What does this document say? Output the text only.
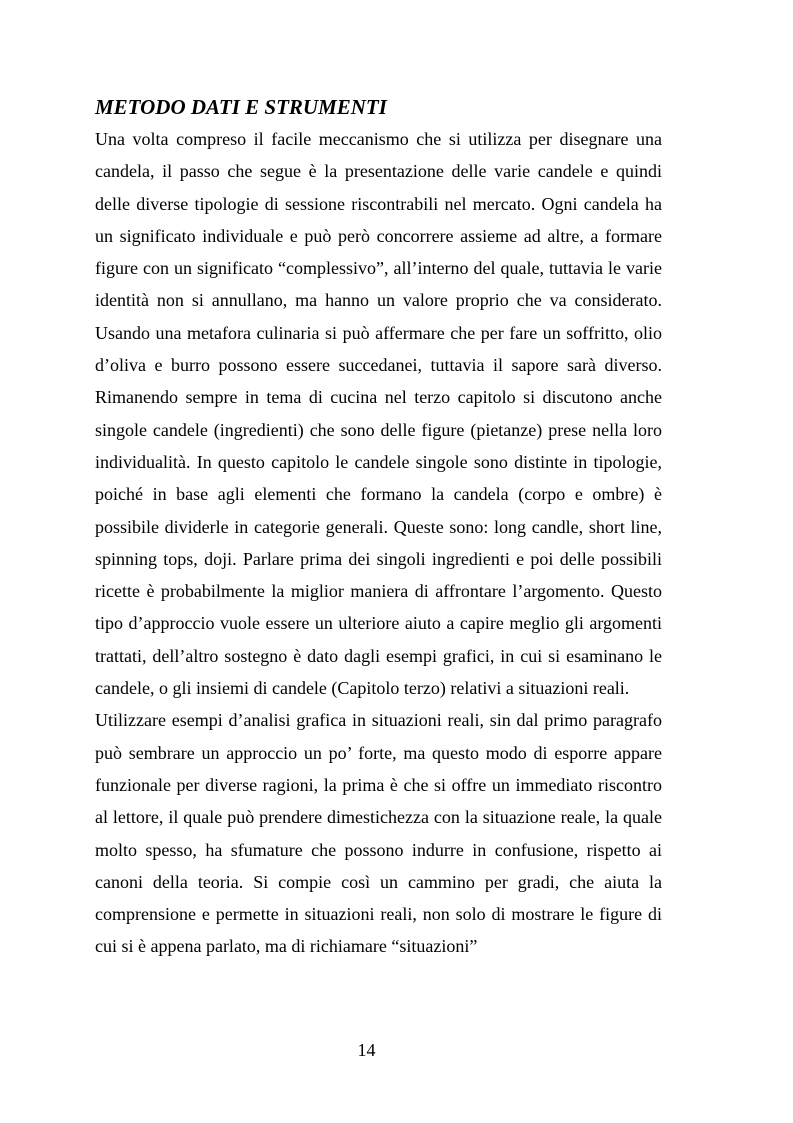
METODO DATI E STRUMENTI

Una volta compreso il facile meccanismo che si utilizza per disegnare una candela, il passo che segue è la presentazione delle varie candele e quindi delle diverse tipologie di sessione riscontrabili nel mercato. Ogni candela ha un significato individuale e può però concorrere assieme ad altre, a formare figure con un significato “complessivo”, all’interno del quale, tuttavia le varie identità non si annullano, ma hanno un valore proprio che va considerato. Usando una metafora culinaria si può affermare che per fare un soffritto, olio d’oliva e burro possono essere succedanei, tuttavia il sapore sarà diverso. Rimanendo sempre in tema di cucina nel terzo capitolo si discutono anche singole candele (ingredienti) che sono delle figure (pietanze) prese nella loro individualità. In questo capitolo le candele singole sono distinte in tipologie, poiché in base agli elementi che formano la candela (corpo e ombre) è possibile dividerle in categorie generali. Queste sono: long candle, short line, spinning tops, doji. Parlare prima dei singoli ingredienti e poi delle possibili ricette è probabilmente la miglior maniera di affrontare l’argomento. Questo tipo d’approccio vuole essere un ulteriore aiuto a capire meglio gli argomenti trattati, dell’altro sostegno è dato dagli esempi grafici, in cui si esaminano le candele, o gli insiemi di candele (Capitolo terzo) relativi a situazioni reali.

Utilizzare esempi d’analisi grafica in situazioni reali, sin dal primo paragrafo può sembrare un approccio un po’ forte, ma questo modo di esporre appare funzionale per diverse ragioni, la prima è che si offre un immediato riscontro al lettore, il quale può prendere dimestichezza con la situazione reale, la quale molto spesso, ha sfumature che possono indurre in confusione, rispetto ai canoni della teoria. Si compie così un cammino per gradi, che aiuta la comprensione e permette in situazioni reali, non solo di mostrare le figure di cui si è appena parlato, ma di richiamare “situazioni”

14
